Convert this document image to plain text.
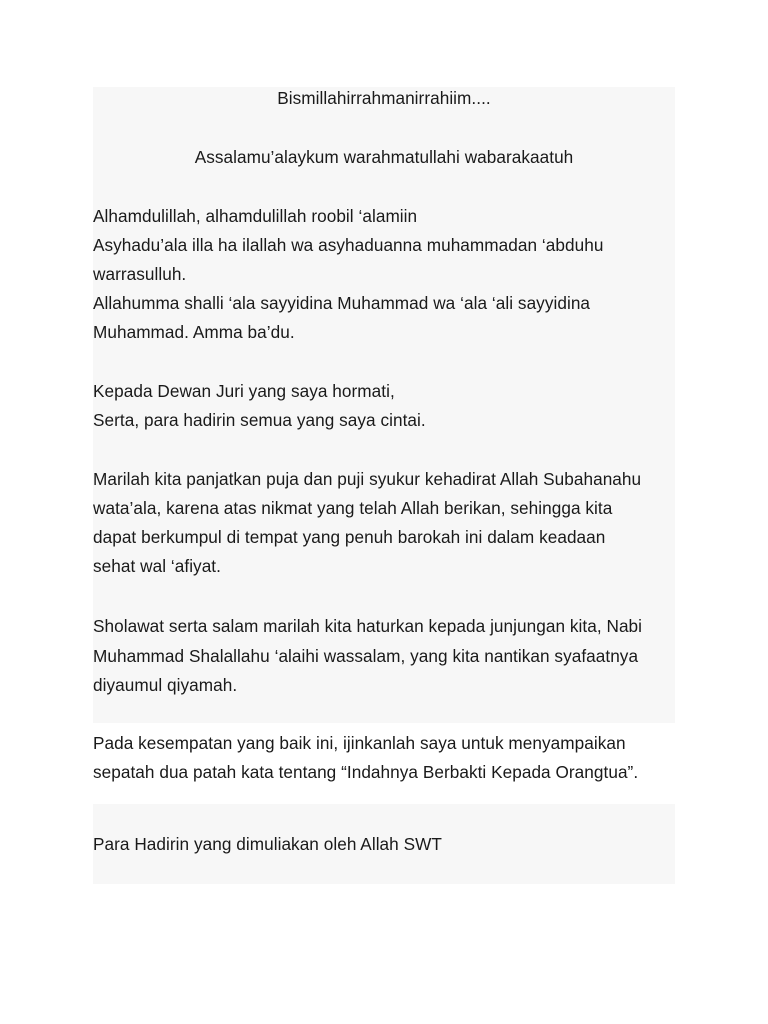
Bismillahirrahmanirrahiim....
Assalamu’alaykum warahmatullahi wabarakaatuh
Alhamdulillah, alhamdulillah roobil ‘alamiin
Asyhadu’ala illa ha ilallah wa asyhaduanna muhammadan ‘abduhu
warrasulluh.
Allahumma shalli ‘ala sayyidina Muhammad wa ‘ala ‘ali sayyidina
Muhammad. Amma ba’du.
Kepada Dewan Juri yang saya hormati,
Serta, para hadirin semua yang saya cintai.
Marilah kita panjatkan puja dan puji syukur kehadirat Allah Subahanahu
wata’ala, karena atas nikmat yang telah Allah berikan, sehingga kita
dapat berkumpul di tempat yang penuh barokah ini dalam keadaan
sehat wal ‘afiyat.
Sholawat serta salam marilah kita haturkan kepada junjungan kita, Nabi
Muhammad Shalallahu ‘alaihi wassalam, yang kita nantikan syafaatnya
diyaumul qiyamah.
Pada kesempatan yang baik ini, ijinkanlah saya untuk menyampaikan
sepatah dua patah kata tentang “Indahnya Berbakti Kepada Orangtua”.
Para Hadirin yang dimuliakan oleh Allah SWT
